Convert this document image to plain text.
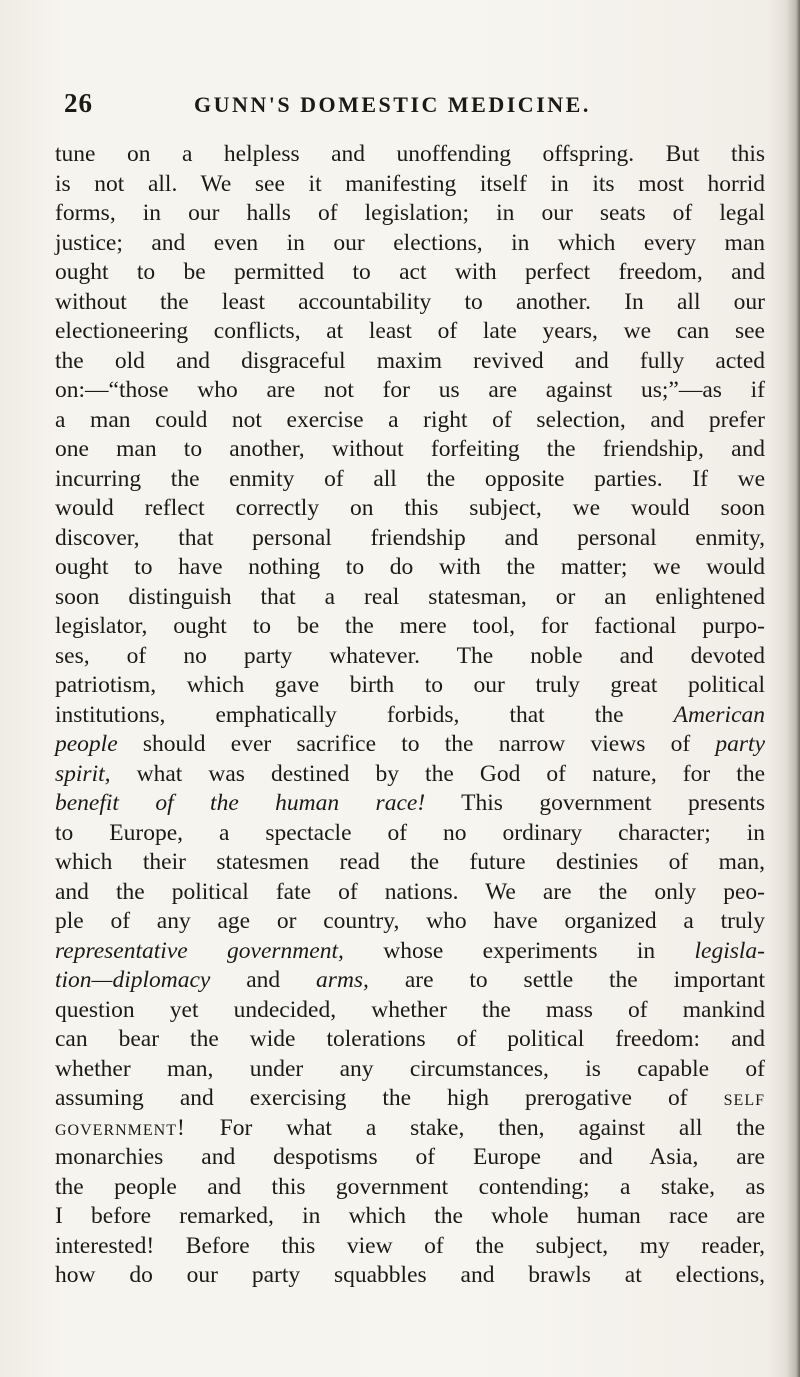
26	GUNN'S DOMESTIC MEDICINE.
tune on a helpless and unoffending offspring. But this
is not all. We see it manifesting itself in its most horrid
forms, in our halls of legislation; in our seats of legal
justice; and even in our elections, in which every man
ought to be permitted to act with perfect freedom, and
without the least accountability to another. In all our
electioneering conflicts, at least of late years, we can see
the old and disgraceful maxim revived and fully acted
on:—“those who are not for us are against us;”—as if
a man could not exercise a right of selection, and prefer
one man to another, without forfeiting the friendship, and
incurring the enmity of all the opposite parties. If we
would reflect correctly on this subject, we would soon
discover, that personal friendship and personal enmity,
ought to have nothing to do with the matter; we would
soon distinguish that a real statesman, or an enlightened
legislator, ought to be the mere tool, for factional purpo-
ses, of no party whatever. The noble and devoted
patriotism, which gave birth to our truly great political
institutions, emphatically forbids, that the American
people should ever sacrifice to the narrow views of party
spirit, what was destined by the God of nature, for the
benefit of the human race! This government presents
to Europe, a spectacle of no ordinary character; in
which their statesmen read the future destinies of man,
and the political fate of nations. We are the only peo-
ple of any age or country, who have organized a truly
representative government, whose experiments in legisla-
tion—diplomacy and arms, are to settle the important
question yet undecided, whether the mass of mankind
can bear the wide tolerations of political freedom: and
whether man, under any circumstances, is capable of
assuming and exercising the high prerogative of self
government! For what a stake, then, against all the
monarchies and despotisms of Europe and Asia, are
the people and this government contending; a stake, as
I before remarked, in which the whole human race are
interested! Before this view of the subject, my reader,
how do our party squabbles and brawls at elections,
